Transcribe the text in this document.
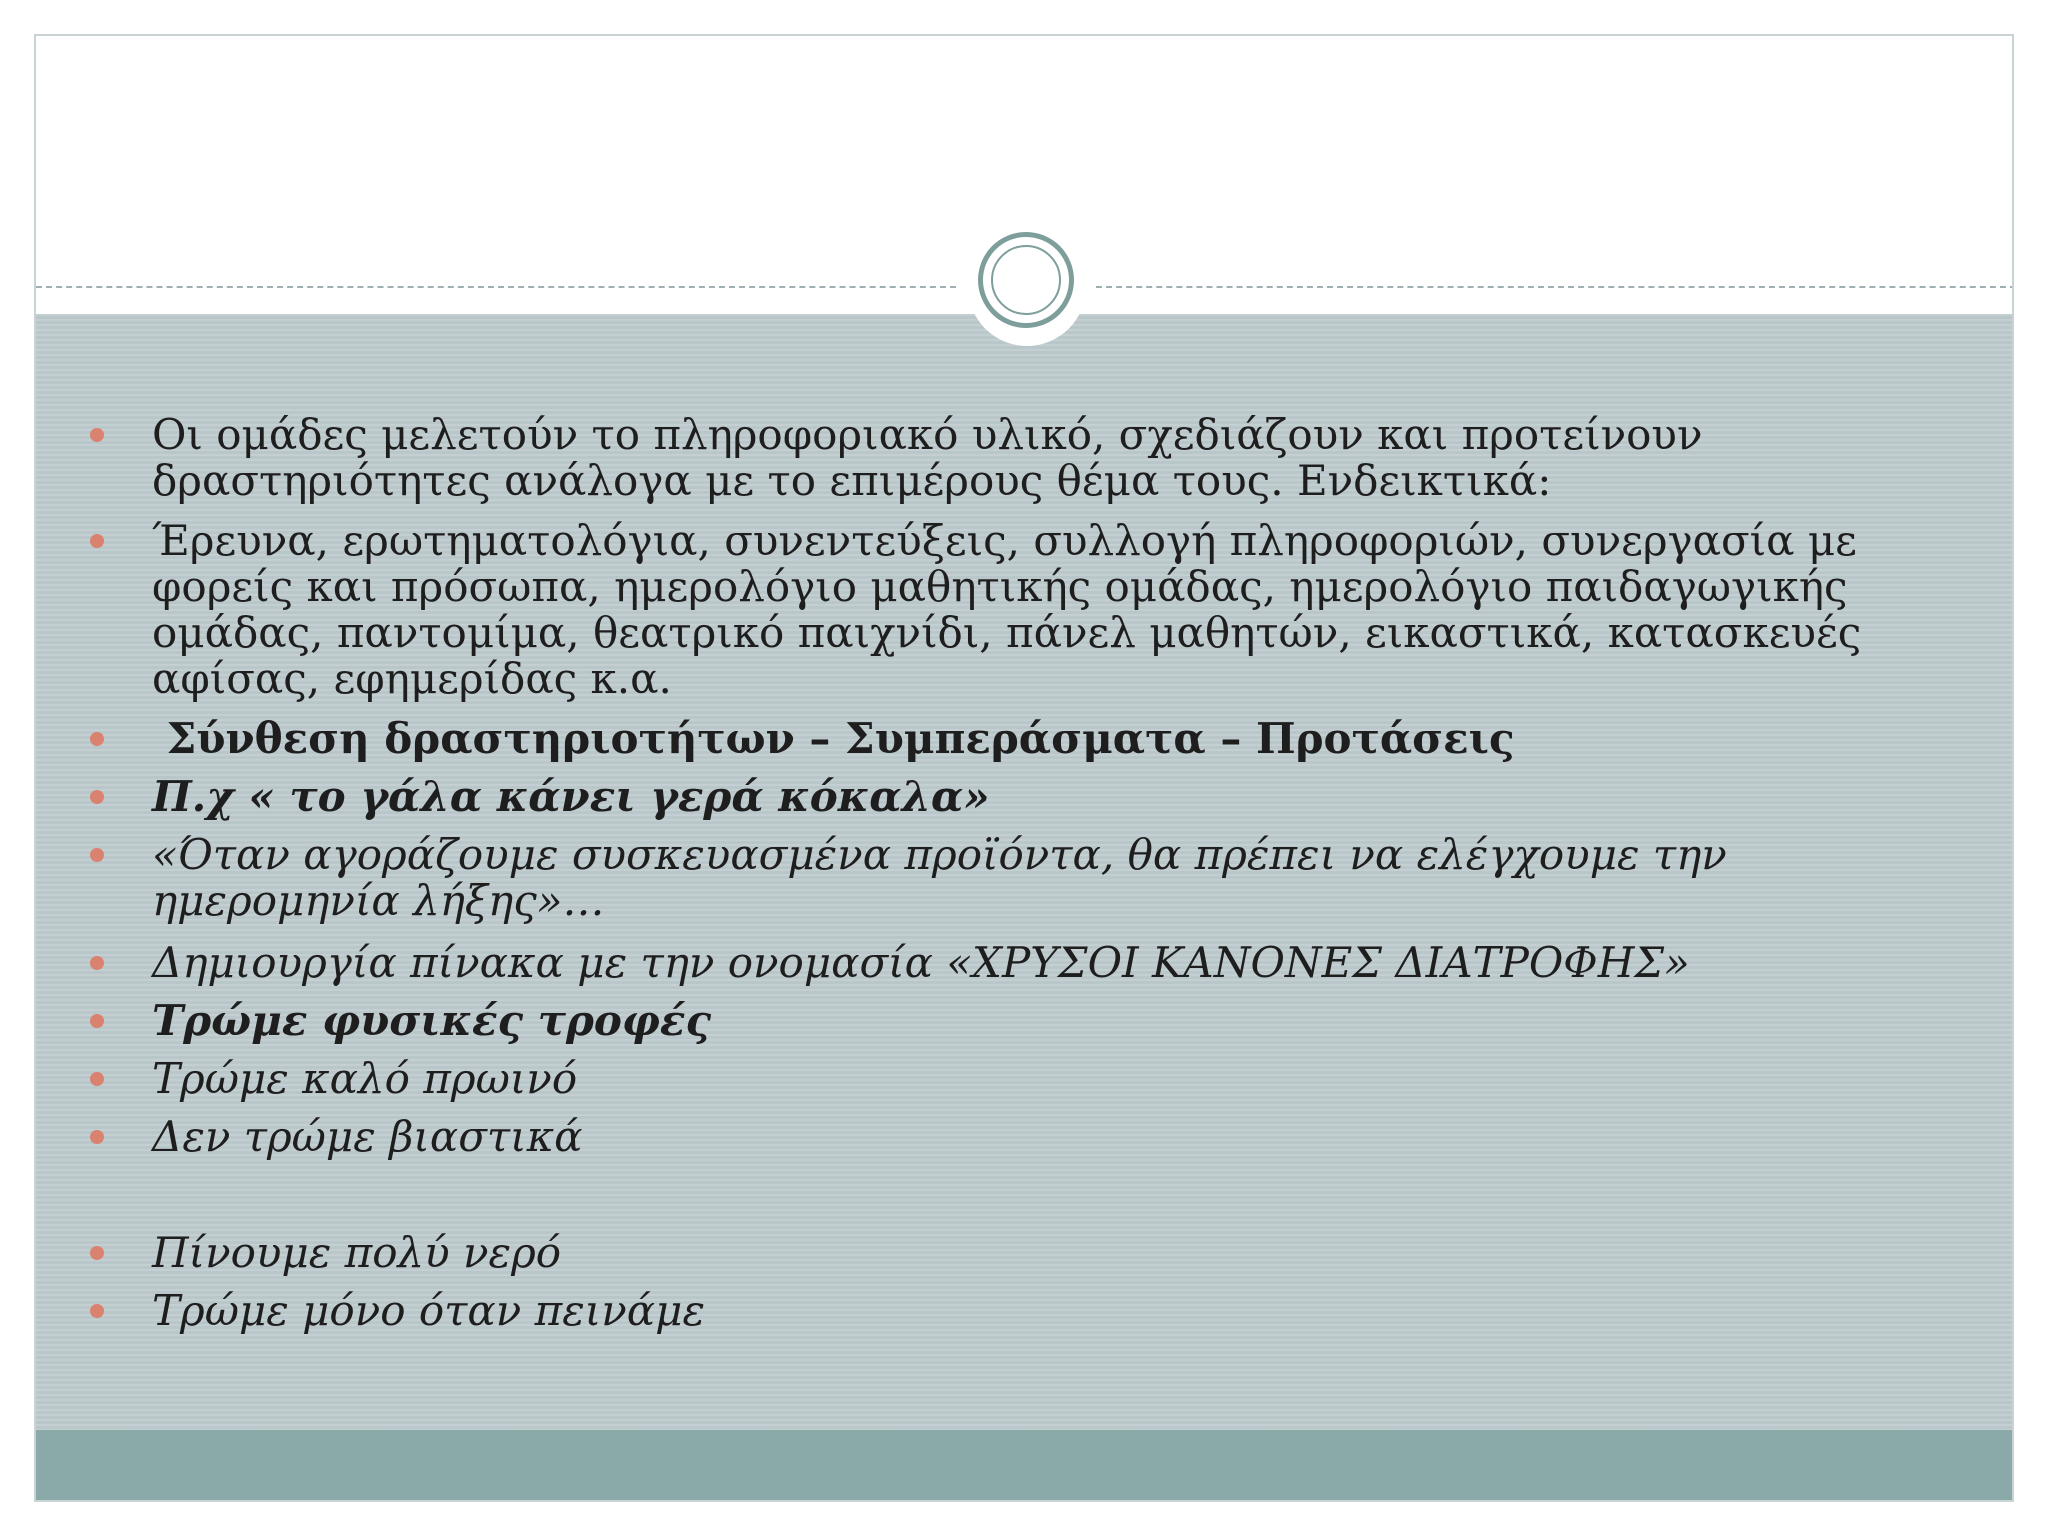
Οι ομάδες μελετούν το πληροφοριακό υλικό, σχεδιάζουν και προτείνουν δραστηριότητες ανάλογα με το επιμέρους θέμα τους. Ενδεικτικά:
Έρευνα, ερωτηματολόγια, συνεντεύξεις, συλλογή πληροφοριών, συνεργασία με φορείς και πρόσωπα, ημερολόγιο μαθητικής ομάδας, ημερολόγιο παιδαγωγικής ομάδας, παντομίμα, θεατρικό παιχνίδι, πάνελ μαθητών, εικαστικά, κατασκευές αφίσας, εφημερίδας κ.α.
Σύνθεση δραστηριοτήτων – Συμπεράσματα – Προτάσεις
Π.χ « το γάλα κάνει γερά κόκαλα»
«Όταν αγοράζουμε συσκευασμένα προϊόντα, θα πρέπει να ελέγχουμε την ημερομηνία λήξης»…
Δημιουργία πίνακα με την ονομασία «ΧΡΥΣΟΙ ΚΑΝΟΝΕΣ ΔΙΑΤΡΟΦΗΣ»
Τρώμε φυσικές τροφές
Τρώμε καλό πρωινό
Δεν τρώμε βιαστικά
Πίνουμε πολύ νερό
Τρώμε μόνο όταν πεινάμε
